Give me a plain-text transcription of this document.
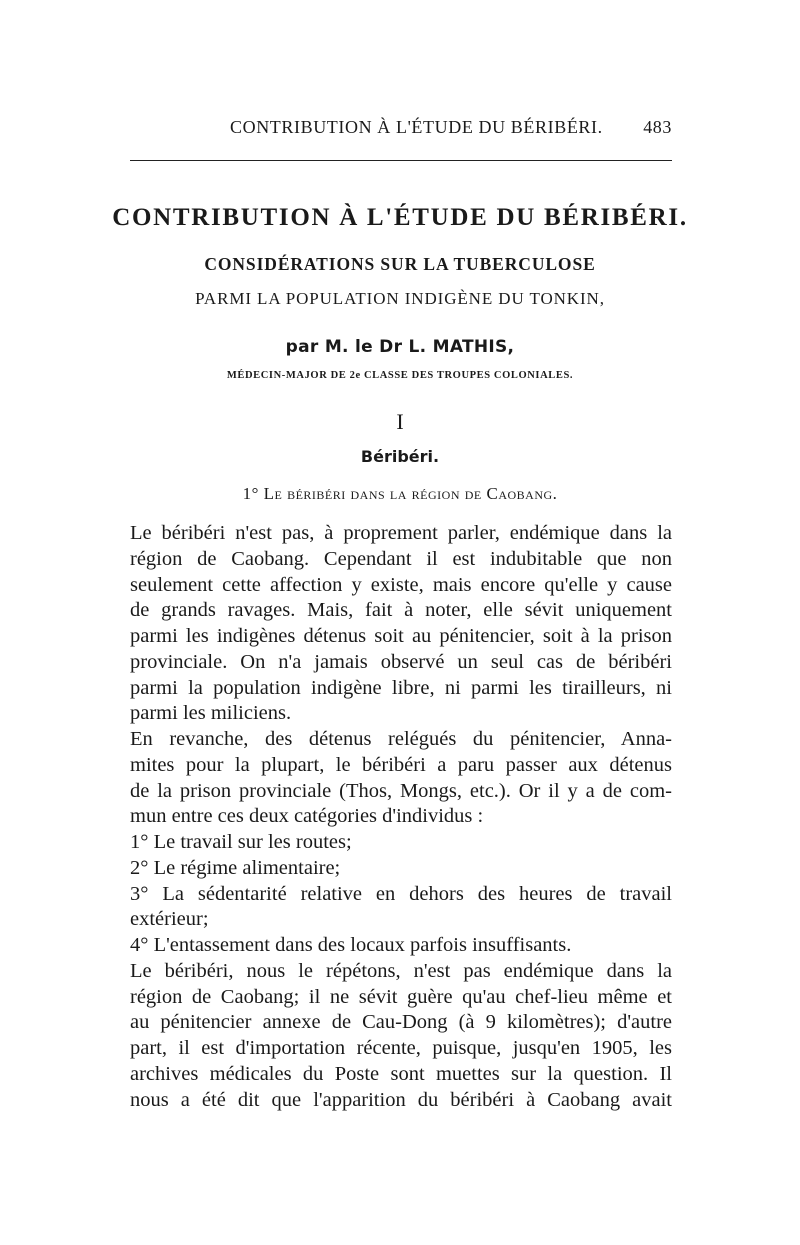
CONTRIBUTION À L'ÉTUDE DU BÉRIBÉRI. 483
CONTRIBUTION À L'ÉTUDE DU BÉRIBÉRI.
CONSIDÉRATIONS SUR LA TUBERCULOSE
PARMI LA POPULATION INDIGÈNE DU TONKIN,
par M. le Dr L. MATHIS,
MÉDECIN-MAJOR DE 2e CLASSE DES TROUPES COLONIALES.
I
Béribéri.
1° Le béribéri dans la région de Caobang.
Le béribéri n'est pas, à proprement parler, endémique dans la
région de Caobang. Cependant il est indubitable que non
seulement cette affection y existe, mais encore qu'elle y cause
de grands ravages. Mais, fait à noter, elle sévit uniquement
parmi les indigènes détenus soit au pénitencier, soit à la prison
provinciale. On n'a jamais observé un seul cas de béribéri
parmi la population indigène libre, ni parmi les tirailleurs, ni
parmi les miliciens.
En revanche, des détenus relégués du pénitencier, Anna-
mites pour la plupart, le béribéri a paru passer aux détenus
de la prison provinciale (Thos, Mongs, etc.). Or il y a de com-
mun entre ces deux catégories d'individus :
1° Le travail sur les routes;
2° Le régime alimentaire;
3° La sédentarité relative en dehors des heures de travail
extérieur;
4° L'entassement dans des locaux parfois insuffisants.
Le béribéri, nous le répétons, n'est pas endémique dans la
région de Caobang; il ne sévit guère qu'au chef-lieu même et
au pénitencier annexe de Cau-Dong (à 9 kilomètres); d'autre
part, il est d'importation récente, puisque, jusqu'en 1905, les
archives médicales du Poste sont muettes sur la question. Il
nous a été dit que l'apparition du béribéri à Caobang avait
